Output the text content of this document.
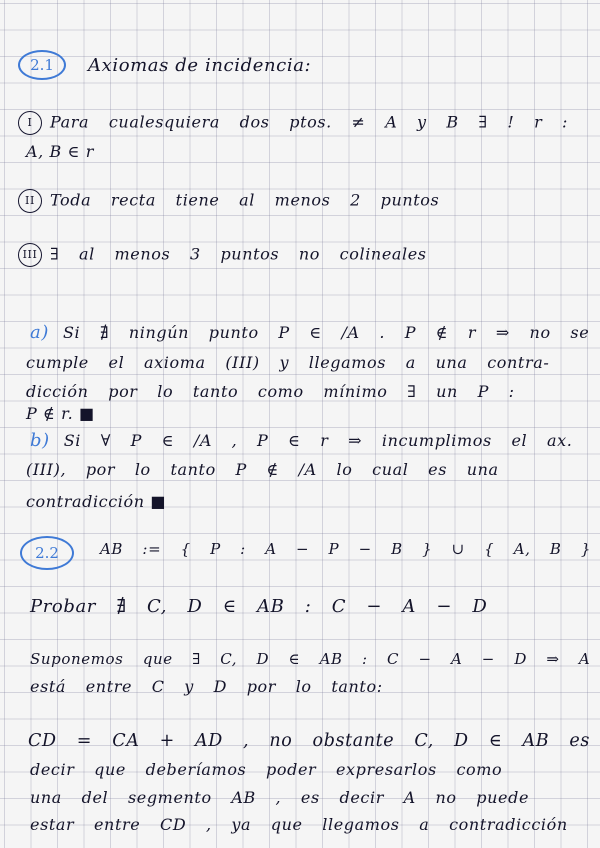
2.1 Axiomas de incidencia:
I Para cualesquiera dos ptos. ≠ A y B ∃ ! r :
A, B ∈ r
II Toda recta tiene al menos 2 puntos
III ∃ al menos 3 puntos no colineales
a) Si ∄ ningún punto P ∈ /A . P ∉ r ⇒ no se
cumple el axioma (III) y llegamos a una contra-
dicción por lo tanto como mínimo ∃ un P :
P ∉ r. ■
b) Si ∀ P ∈ /A , P ∈ r ⇒ incumplimos el ax.
(III), por lo tanto P ∉ /A lo cual es una
contradicción ■
2.2	AB := { P : A − P − B } ∪ { A, B }
Probar ∄ C, D ∈ AB : C − A − D
Suponemos que ∃ C, D ∈ AB : C − A − D ⇒ A
está entre C y D por lo tanto:
CD = CA + AD , no obstante C, D ∈ AB es
decir que deberíamos poder expresarlos como
una del segmento AB , es decir A no puede
estar entre CD , ya que llegamos a contradicción
